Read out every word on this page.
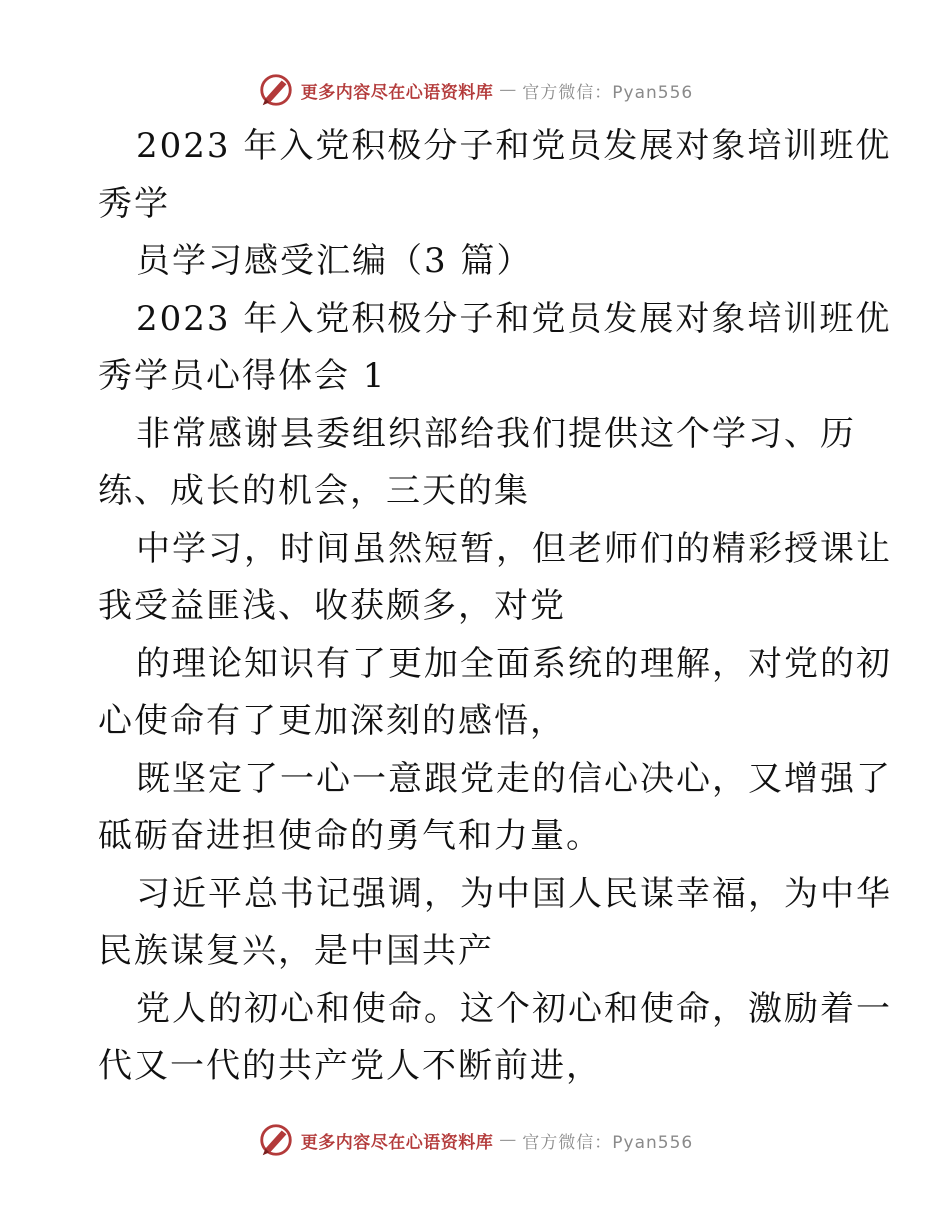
更多内容尽在心语资料库 — 官方微信：Pyan556
2023 年入党积极分子和党员发展对象培训班优
秀学
员学习感受汇编（3 篇）
2023 年入党积极分子和党员发展对象培训班优
秀学员心得体会 1
非常感谢县委组织部给我们提供这个学习、历
练、成长的机会，三天的集
中学习，时间虽然短暂，但老师们的精彩授课让
我受益匪浅、收获颇多，对党
的理论知识有了更加全面系统的理解，对党的初
心使命有了更加深刻的感悟，
既坚定了一心一意跟党走的信心决心，又增强了
砥砺奋进担使命的勇气和力量。
习近平总书记强调，为中国人民谋幸福，为中华
民族谋复兴，是中国共产
党人的初心和使命。这个初心和使命，激励着一
代又一代的共产党人不断前进，
更多内容尽在心语资料库 — 官方微信：Pyan556
